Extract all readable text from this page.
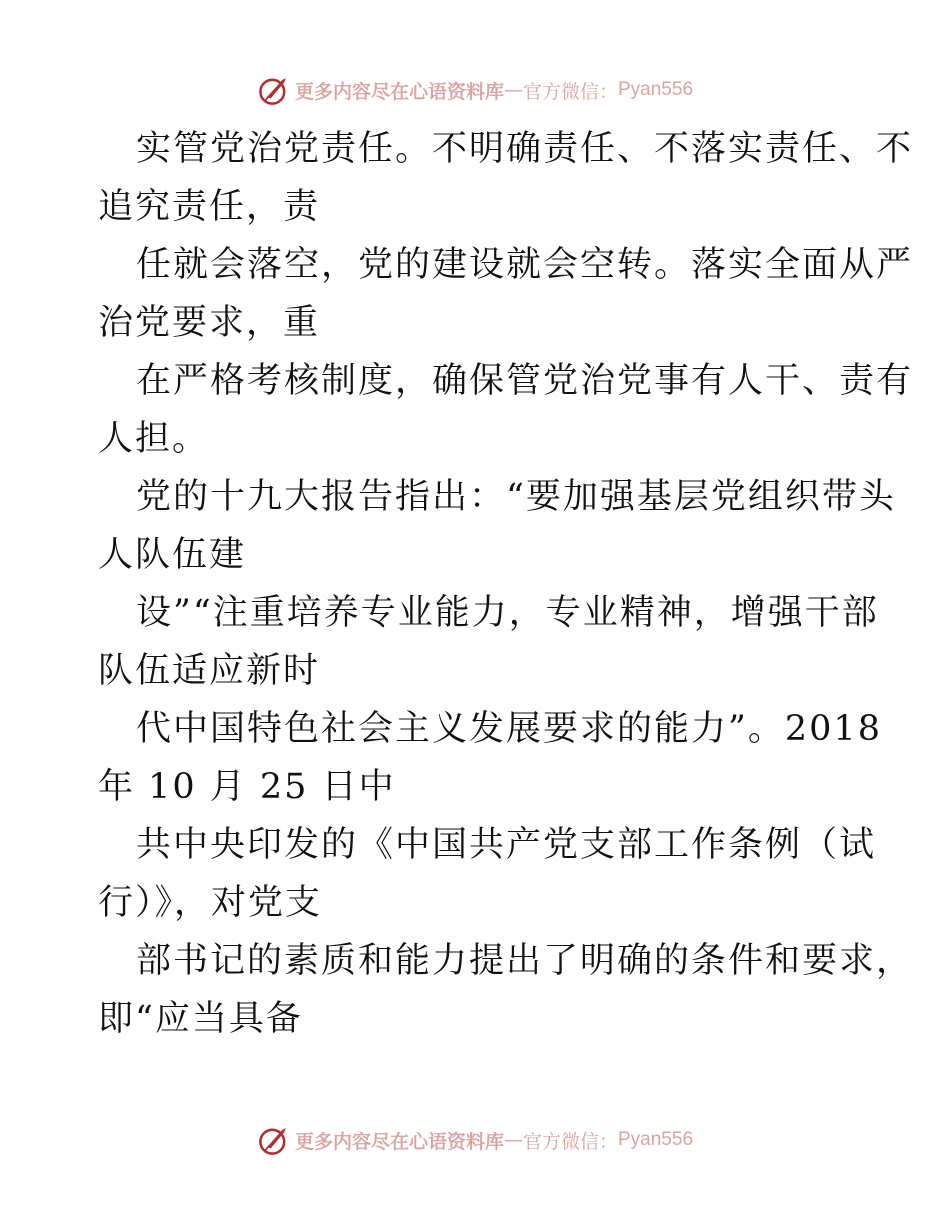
更多内容尽在心语资料库 — 官方微信： Pyan556
实管党治党责任。不明确责任、不落实责任、不
追究责任，责
任就会落空，党的建设就会空转。落实全面从严
治党要求，重
在严格考核制度，确保管党治党事有人干、责有
人担。
党的十九大报告指出：“要加强基层党组织带头
人队伍建
设”“注重培养专业能力，专业精神，增强干部
队伍适应新时
代中国特色社会主义发展要求的能力”。2018
年 10 月 25 日中
共中央印发的《中国共产党支部工作条例（试
行）》，对党支
部书记的素质和能力提出了明确的条件和要求，
即“应当具备
更多内容尽在心语资料库 — 官方微信： Pyan556
